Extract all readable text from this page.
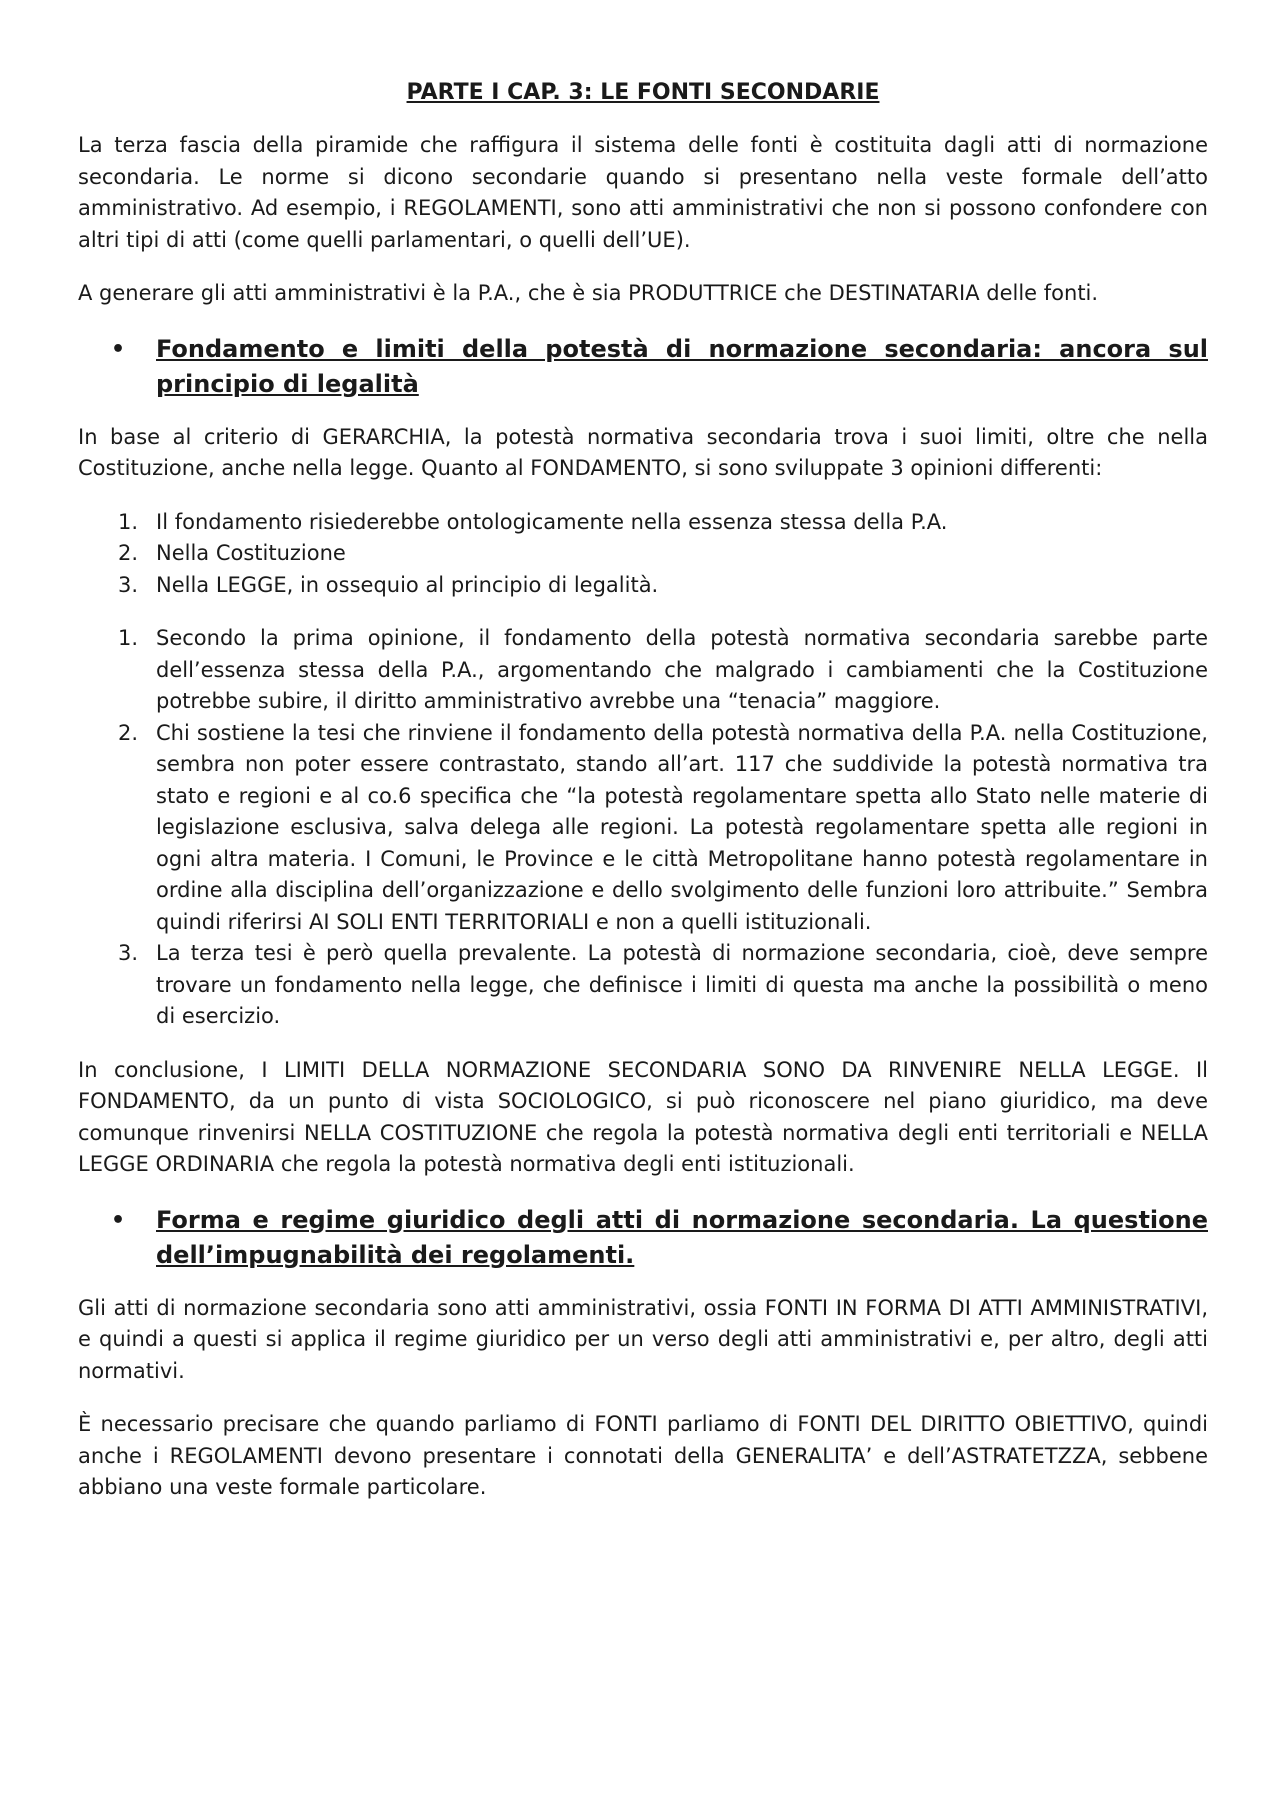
PARTE I CAP. 3: LE FONTI SECONDARIE

La terza fascia della piramide che raffigura il sistema delle fonti è costituita dagli atti di normazione secondaria. Le norme si dicono secondarie quando si presentano nella veste formale dell’atto amministrativo. Ad esempio, i REGOLAMENTI, sono atti amministrativi che non si possono confondere con altri tipi di atti (come quelli parlamentari, o quelli dell’UE).

A generare gli atti amministrativi è la P.A., che è sia PRODUTTRICE che DESTINATARIA delle fonti.

•	Fondamento e limiti della potestà di normazione secondaria: ancora sul principio di legalità

In base al criterio di GERARCHIA, la potestà normativa secondaria trova i suoi limiti, oltre che nella Costituzione, anche nella legge. Quanto al FONDAMENTO, si sono sviluppate 3 opinioni differenti:

1. Il fondamento risiederebbe ontologicamente nella essenza stessa della P.A.
2. Nella Costituzione
3. Nella LEGGE, in ossequio al principio di legalità.
1. Secondo la prima opinione, il fondamento della potestà normativa secondaria sarebbe parte dell’essenza stessa della P.A., argomentando che malgrado i cambiamenti che la Costituzione potrebbe subire, il diritto amministrativo avrebbe una “tenacia” maggiore.
2. Chi sostiene la tesi che rinviene il fondamento della potestà normativa della P.A. nella Costituzione, sembra non poter essere contrastato, stando all’art. 117 che suddivide la potestà normativa tra stato e regioni e al co.6 specifica che “la potestà regolamentare spetta allo Stato nelle materie di legislazione esclusiva, salva delega alle regioni. La potestà regolamentare spetta alle regioni in ogni altra materia. I Comuni, le Province e le città Metropolitane hanno potestà regolamentare in ordine alla disciplina dell’organizzazione e dello svolgimento delle funzioni loro attribuite.” Sembra quindi riferirsi AI SOLI ENTI TERRITORIALI e non a quelli istituzionali.
3. La terza tesi è però quella prevalente. La potestà di normazione secondaria, cioè, deve sempre trovare un fondamento nella legge, che definisce i limiti di questa ma anche la possibilità o meno di esercizio.

In conclusione, I LIMITI DELLA NORMAZIONE SECONDARIA SONO DA RINVENIRE NELLA LEGGE. Il FONDAMENTO, da un punto di vista SOCIOLOGICO, si può riconoscere nel piano giuridico, ma deve comunque rinvenirsi NELLA COSTITUZIONE che regola la potestà normativa degli enti territoriali e NELLA LEGGE ORDINARIA che regola la potestà normativa degli enti istituzionali.

•	Forma e regime giuridico degli atti di normazione secondaria. La questione dell’impugnabilità dei regolamenti.

Gli atti di normazione secondaria sono atti amministrativi, ossia FONTI IN FORMA DI ATTI AMMINISTRATIVI, e quindi a questi si applica il regime giuridico per un verso degli atti amministrativi e, per altro, degli atti normativi.

È necessario precisare che quando parliamo di FONTI parliamo di FONTI DEL DIRITTO OBIETTIVO, quindi anche i REGOLAMENTI devono presentare i connotati della GENERALITA’ e dell’ASTRATETZZA, sebbene abbiano una veste formale particolare.
